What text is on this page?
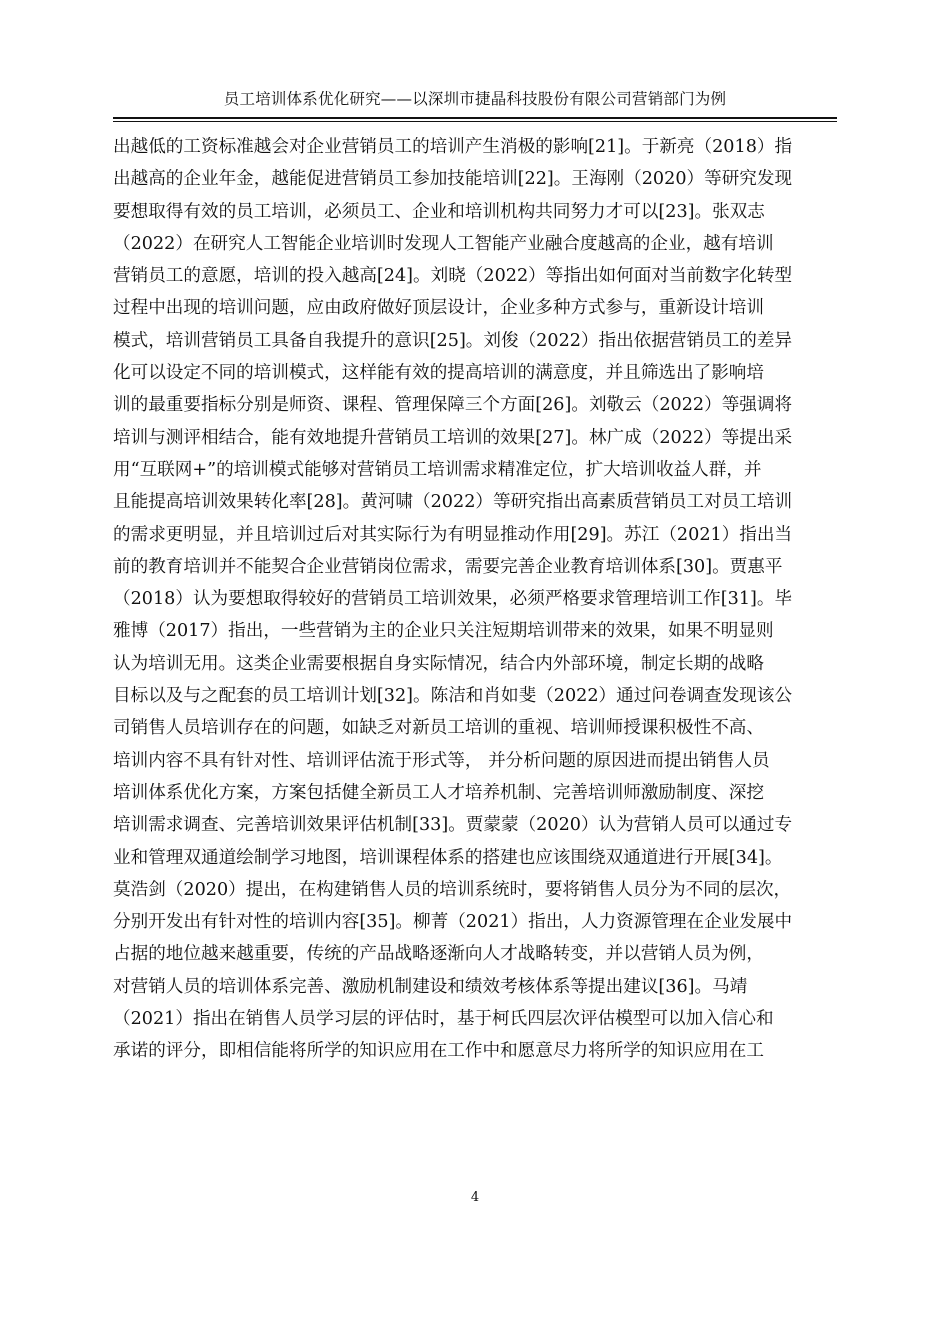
员工培训体系优化研究——以深圳市捷晶科技股份有限公司营销部门为例
出越低的工资标准越会对企业营销员工的培训产生消极的影响[21]。于新亮（2018）指
出越高的企业年金，越能促进营销员工参加技能培训[22]。王海刚（2020）等研究发现
要想取得有效的员工培训，必须员工、企业和培训机构共同努力才可以[23]。张双志
（2022）在研究人工智能企业培训时发现人工智能产业融合度越高的企业，越有培训
营销员工的意愿，培训的投入越高[24]。刘晓（2022）等指出如何面对当前数字化转型
过程中出现的培训问题，应由政府做好顶层设计，企业多种方式参与，重新设计培训
模式，培训营销员工具备自我提升的意识[25]。刘俊（2022）指出依据营销员工的差异
化可以设定不同的培训模式，这样能有效的提高培训的满意度，并且筛选出了影响培
训的最重要指标分别是师资、课程、管理保障三个方面[26]。刘敬云（2022）等强调将
培训与测评相结合，能有效地提升营销员工培训的效果[27]。林广成（2022）等提出采
用“互联网+”的培训模式能够对营销员工培训需求精准定位，扩大培训收益人群，并
且能提高培训效果转化率[28]。黄河啸（2022）等研究指出高素质营销员工对员工培训
的需求更明显，并且培训过后对其实际行为有明显推动作用[29]。苏江（2021）指出当
前的教育培训并不能契合企业营销岗位需求，需要完善企业教育培训体系[30]。贾惠平
（2018）认为要想取得较好的营销员工培训效果，必须严格要求管理培训工作[31]。毕
雅博（2017）指出，一些营销为主的企业只关注短期培训带来的效果，如果不明显则
认为培训无用。这类企业需要根据自身实际情况，结合内外部环境，制定长期的战略
目标以及与之配套的员工培训计划[32]。陈洁和肖如斐（2022）通过问卷调查发现该公
司销售人员培训存在的问题，如缺乏对新员工培训的重视、培训师授课积极性不高、
培训内容不具有针对性、培训评估流于形式等， 并分析问题的原因进而提出销售人员
培训体系优化方案，方案包括健全新员工人才培养机制、完善培训师激励制度、深挖
培训需求调查、完善培训效果评估机制[33]。贾蒙蒙（2020）认为营销人员可以通过专
业和管理双通道绘制学习地图，培训课程体系的搭建也应该围绕双通道进行开展[34]。
莫浩剑（2020）提出，在构建销售人员的培训系统时，要将销售人员分为不同的层次，
分别开发出有针对性的培训内容[35]。柳菁（2021）指出，人力资源管理在企业发展中
占据的地位越来越重要，传统的产品战略逐渐向人才战略转变，并以营销人员为例，
对营销人员的培训体系完善、激励机制建设和绩效考核体系等提出建议[36]。马靖
（2021）指出在销售人员学习层的评估时，基于柯氏四层次评估模型可以加入信心和
承诺的评分，即相信能将所学的知识应用在工作中和愿意尽力将所学的知识应用在工
4
